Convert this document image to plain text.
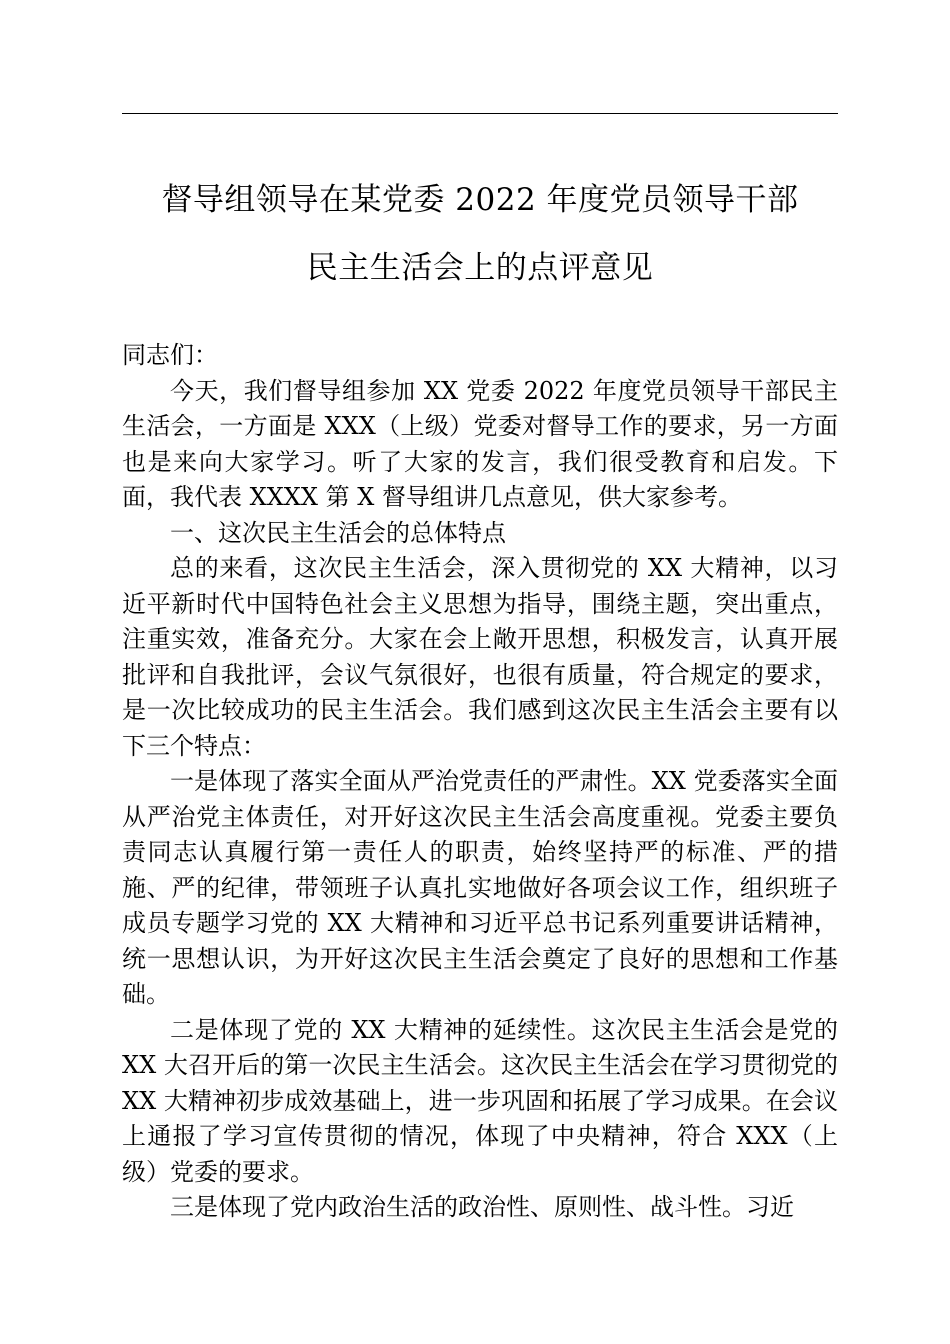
督导组领导在某党委 2022 年度党员领导干部
民主生活会上的点评意见

同志们：

今天，我们督导组参加 XX 党委 2022 年度党员领导干部民主生活会，一方面是 XXX（上级）党委对督导工作的要求，另一方面也是来向大家学习。听了大家的发言，我们很受教育和启发。下面，我代表 XXXX 第 X 督导组讲几点意见，供大家参考。

一、这次民主生活会的总体特点

总的来看，这次民主生活会，深入贯彻党的 XX 大精神，以习近平新时代中国特色社会主义思想为指导，围绕主题，突出重点，注重实效，准备充分。大家在会上敞开思想，积极发言，认真开展批评和自我批评，会议气氛很好，也很有质量，符合规定的要求，是一次比较成功的民主生活会。我们感到这次民主生活会主要有以下三个特点：

一是体现了落实全面从严治党责任的严肃性。XX 党委落实全面从严治党主体责任，对开好这次民主生活会高度重视。党委主要负责同志认真履行第一责任人的职责，始终坚持严的标准、严的措施、严的纪律，带领班子认真扎实地做好各项会议工作，组织班子成员专题学习党的 XX 大精神和习近平总书记系列重要讲话精神，统一思想认识，为开好这次民主生活会奠定了良好的思想和工作基础。

二是体现了党的 XX 大精神的延续性。这次民主生活会是党的 XX 大召开后的第一次民主生活会。这次民主生活会在学习贯彻党的 XX 大精神初步成效基础上，进一步巩固和拓展了学习成果。在会议上通报了学习宣传贯彻的情况，体现了中央精神，符合 XXX（上级）党委的要求。

三是体现了党内政治生活的政治性、原则性、战斗性。习近
